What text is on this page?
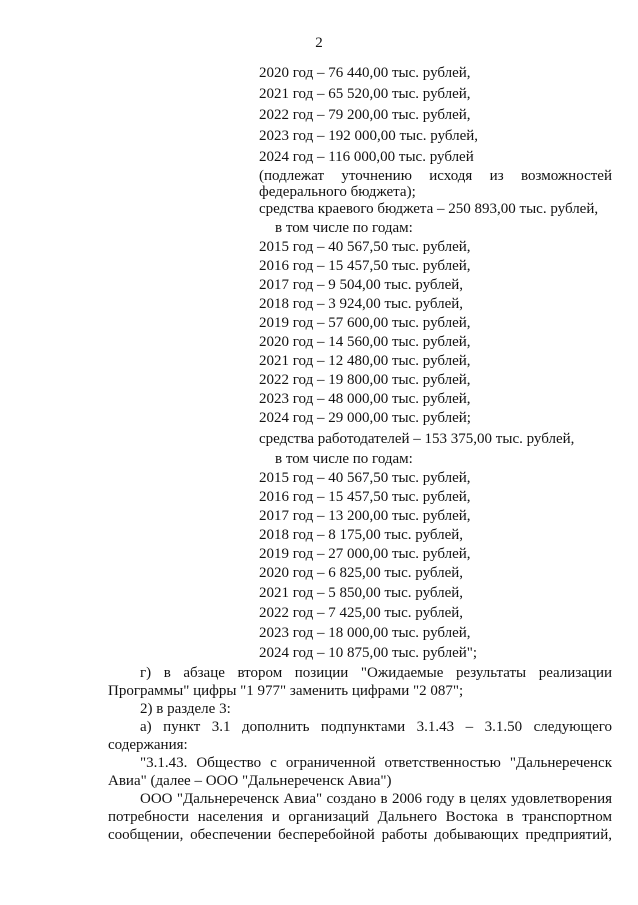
2
2020 год – 76 440,00 тыс. рублей,
2021 год – 65 520,00 тыс. рублей,
2022 год – 79 200,00 тыс. рублей,
2023 год – 192 000,00 тыс. рублей,
2024 год – 116 000,00 тыс. рублей
(подлежат уточнению исходя из возможностей федерального бюджета);
средства краевого бюджета – 250 893,00 тыс. рублей,
в том числе по годам:
2015 год – 40 567,50 тыс. рублей,
2016 год – 15 457,50 тыс. рублей,
2017 год – 9 504,00 тыс. рублей,
2018 год – 3 924,00 тыс. рублей,
2019 год – 57 600,00 тыс. рублей,
2020 год – 14 560,00 тыс. рублей,
2021 год – 12 480,00 тыс. рублей,
2022 год – 19 800,00 тыс. рублей,
2023 год – 48 000,00 тыс. рублей,
2024 год – 29 000,00 тыс. рублей;
средства работодателей – 153 375,00 тыс. рублей,
в том числе по годам:
2015 год – 40 567,50 тыс. рублей,
2016 год – 15 457,50 тыс. рублей,
2017 год – 13 200,00 тыс. рублей,
2018 год – 8 175,00 тыс. рублей,
2019 год – 27 000,00 тыс. рублей,
2020 год – 6 825,00 тыс. рублей,
2021 год – 5 850,00 тыс. рублей,
2022 год – 7 425,00 тыс. рублей,
2023 год – 18 000,00 тыс. рублей,
2024 год – 10 875,00 тыс. рублей";
г) в абзаце втором позиции "Ожидаемые результаты реализации Программы" цифры "1 977" заменить цифрами "2 087";
2) в разделе 3:
а) пункт 3.1 дополнить подпунктами 3.1.43 – 3.1.50 следующего содержания:
"3.1.43. Общество с ограниченной ответственностью "Дальнереченск Авиа" (далее – ООО "Дальнереченск Авиа")
ООО "Дальнереченск Авиа" создано в 2006 году в целях удовлетворения потребности населения и организаций Дальнего Востока в транспортном сообщении, обеспечении бесперебойной работы добывающих предприятий,
